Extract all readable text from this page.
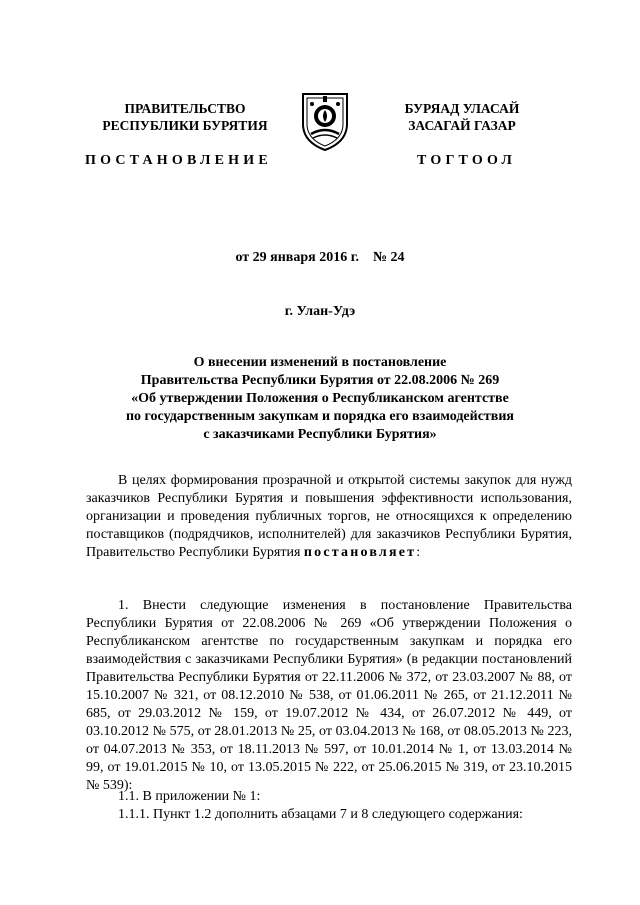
ПРАВИТЕЛЬСТВО
РЕСПУБЛИКИ БУРЯТИЯ
БУРЯАД УЛАСАЙ
ЗАСАГАЙ ГАЗАР
ПОСТАНОВЛЕНИЕ	ТОГТООЛ
от 29 января 2016 г.    № 24
г. Улан-Удэ
О внесении изменений в постановление
Правительства Республики Бурятия от 22.08.2006 № 269
«Об утверждении Положения о Республиканском агентстве
по государственным закупкам и порядка его взаимодействия
с заказчиками Республики Бурятия»

В целях формирования прозрачной и открытой системы закупок для нужд заказчиков Республики Бурятия и повышения эффективности использования, организации и проведения публичных торгов, не относящихся к определению поставщиков (подрядчиков, исполнителей) для заказчиков Республики Бурятия, Правительство Республики Бурятия постановляет:

1. Внести следующие изменения в постановление Правительства Республики Бурятия от 22.08.2006 № 269 «Об утверждении Положения о Республиканском агентстве по государственным закупкам и порядка его взаимодействия с заказчиками Республики Бурятия» (в редакции постановлений Правительства Республики Бурятия от 22.11.2006 № 372, от 23.03.2007 № 88, от 15.10.2007 № 321, от 08.12.2010 № 538, от 01.06.2011 № 265, от 21.12.2011 № 685, от 29.03.2012 № 159, от 19.07.2012 № 434, от 26.07.2012 № 449, от 03.10.2012 № 575, от 28.01.2013 № 25, от 03.04.2013 № 168, от 08.05.2013 № 223, от 04.07.2013 № 353, от 18.11.2013 № 597, от 10.01.2014 № 1, от 13.03.2014 № 99, от 19.01.2015 № 10, от 13.05.2015 № 222, от 25.06.2015 № 319, от 23.10.2015 № 539):

1.1. В приложении № 1:
1.1.1. Пункт 1.2 дополнить абзацами 7 и 8 следующего содержания:
